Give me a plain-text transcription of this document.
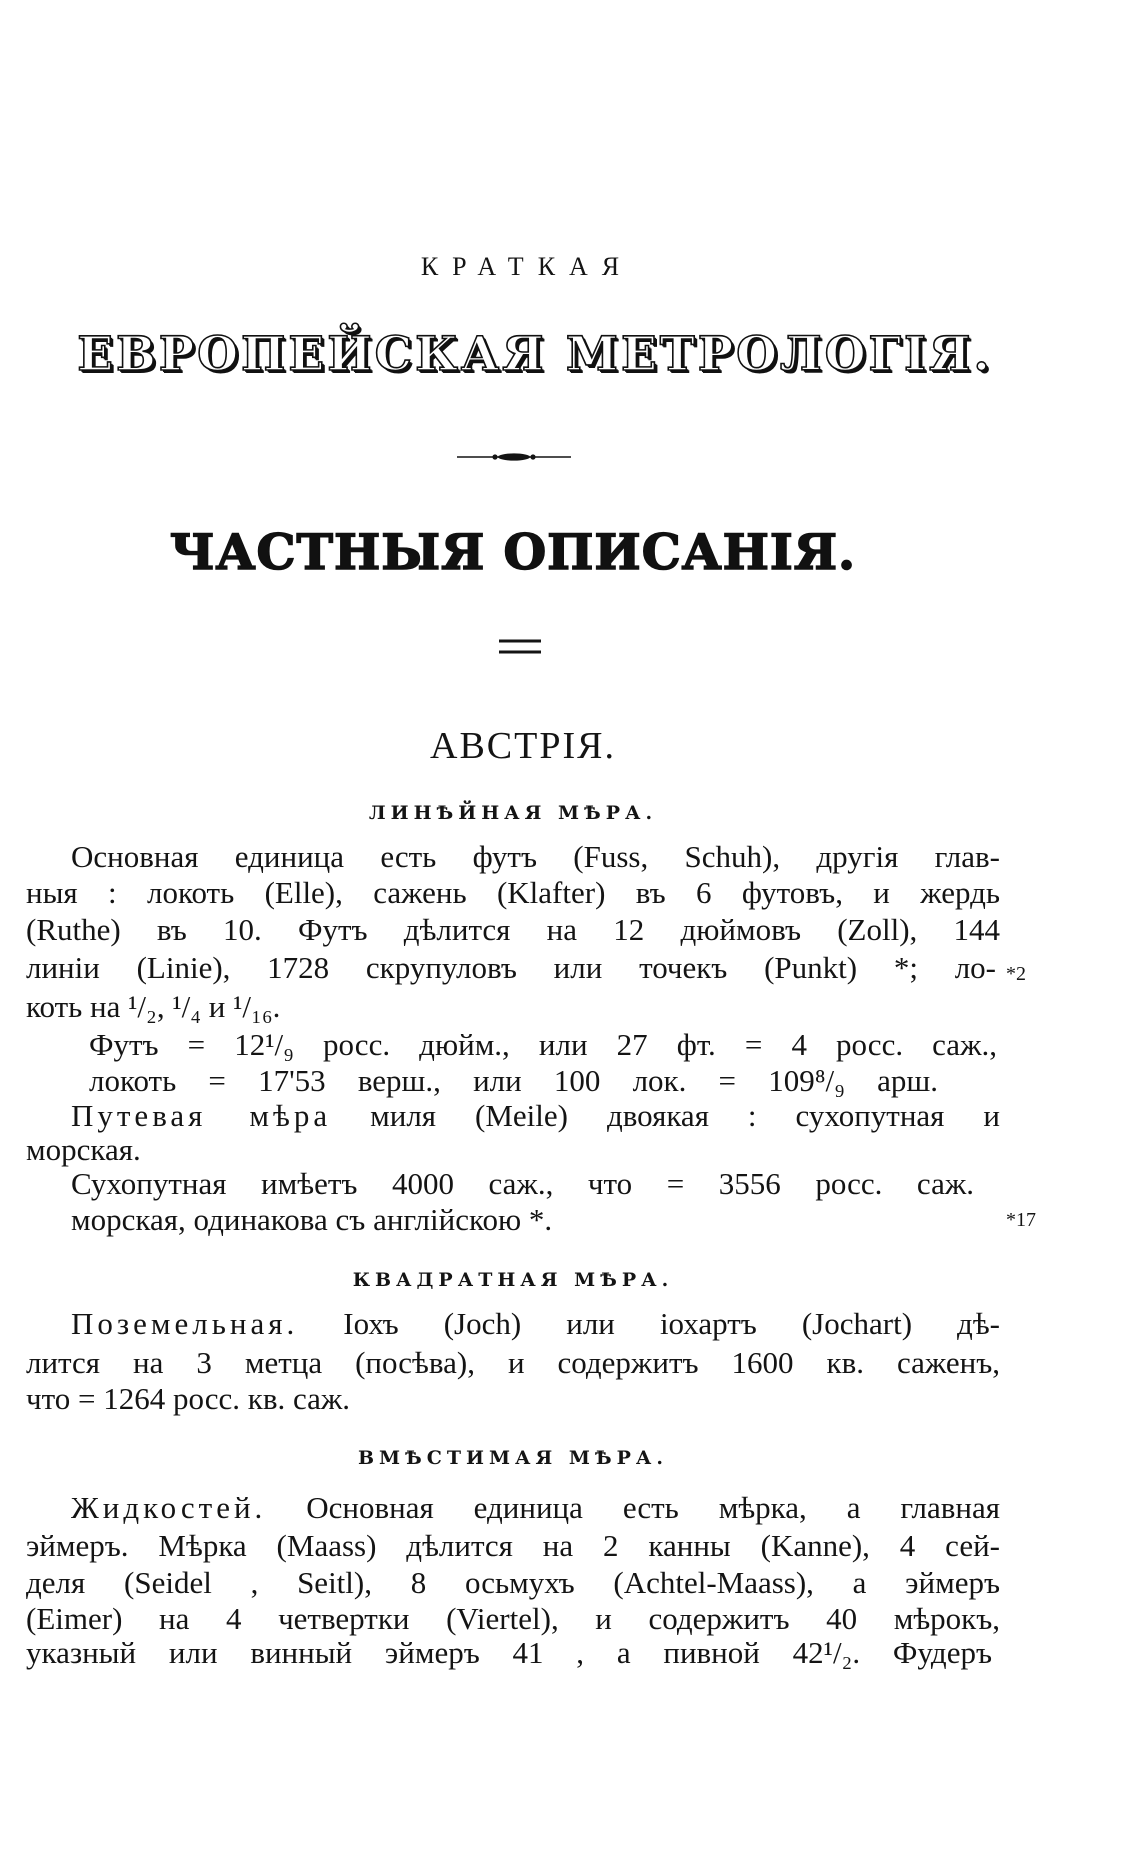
КРАТКАЯ
ЕВРОПЕЙСКАЯ МЕТРОЛОГІЯ.
ЧАСТНЫЯ ОПИСАНІЯ.
АВСТРІЯ.
ЛИНѢЙНАЯ МѢРА.
Основная единица есть футъ (Fuss, Schuh), другія глав-
ныя : локоть (Elle), сажень (Klafter) въ 6 футовъ, и жердь
(Ruthe) въ 10. Футъ дѣлится на 12 дюймовъ (Zoll), 144
линіи (Linie), 1728 скрупуловъ или точекъ (Punkt) *; ло- *2
коть на ¹/₂, ¹/₄ и ¹/₁₆.
Футъ = 12¹/₉ росс. дюйм., или 27 фт. = 4 росс. саж.,
локоть = 17'53 верш., или 100 лок. = 109⁸/₉ арш.
Путевая мѣра миля (Meile) двоякая : сухопутная и
морская.
Сухопутная имѣетъ 4000 саж., что = 3556 росс. саж.
морская, одинакова съ англійскою *.	*17
КВАДРАТНАЯ МѢРА.
Поземельная. Іохъ (Joch) или іохартъ (Jochart) дѣ-
лится на 3 метца (посѣва), и содержитъ 1600 кв. саженъ,
что = 1264 росс. кв. саж.
ВМѢСТИМАЯ МѢРА.
Жидкостей. Основная единица есть мѣрка, а главная
эймеръ. Мѣрка (Maass) дѣлится на 2 канны (Kanne), 4 сей-
деля (Seidel , Seitl), 8 осьмухъ (Achtel-Maass), а эймеръ
(Eimer) на 4 четвертки (Viertel), и содержитъ 40 мѣрокъ,
указный или винный эймеръ 41 , а пивной 42¹/₂. Фудеръ
